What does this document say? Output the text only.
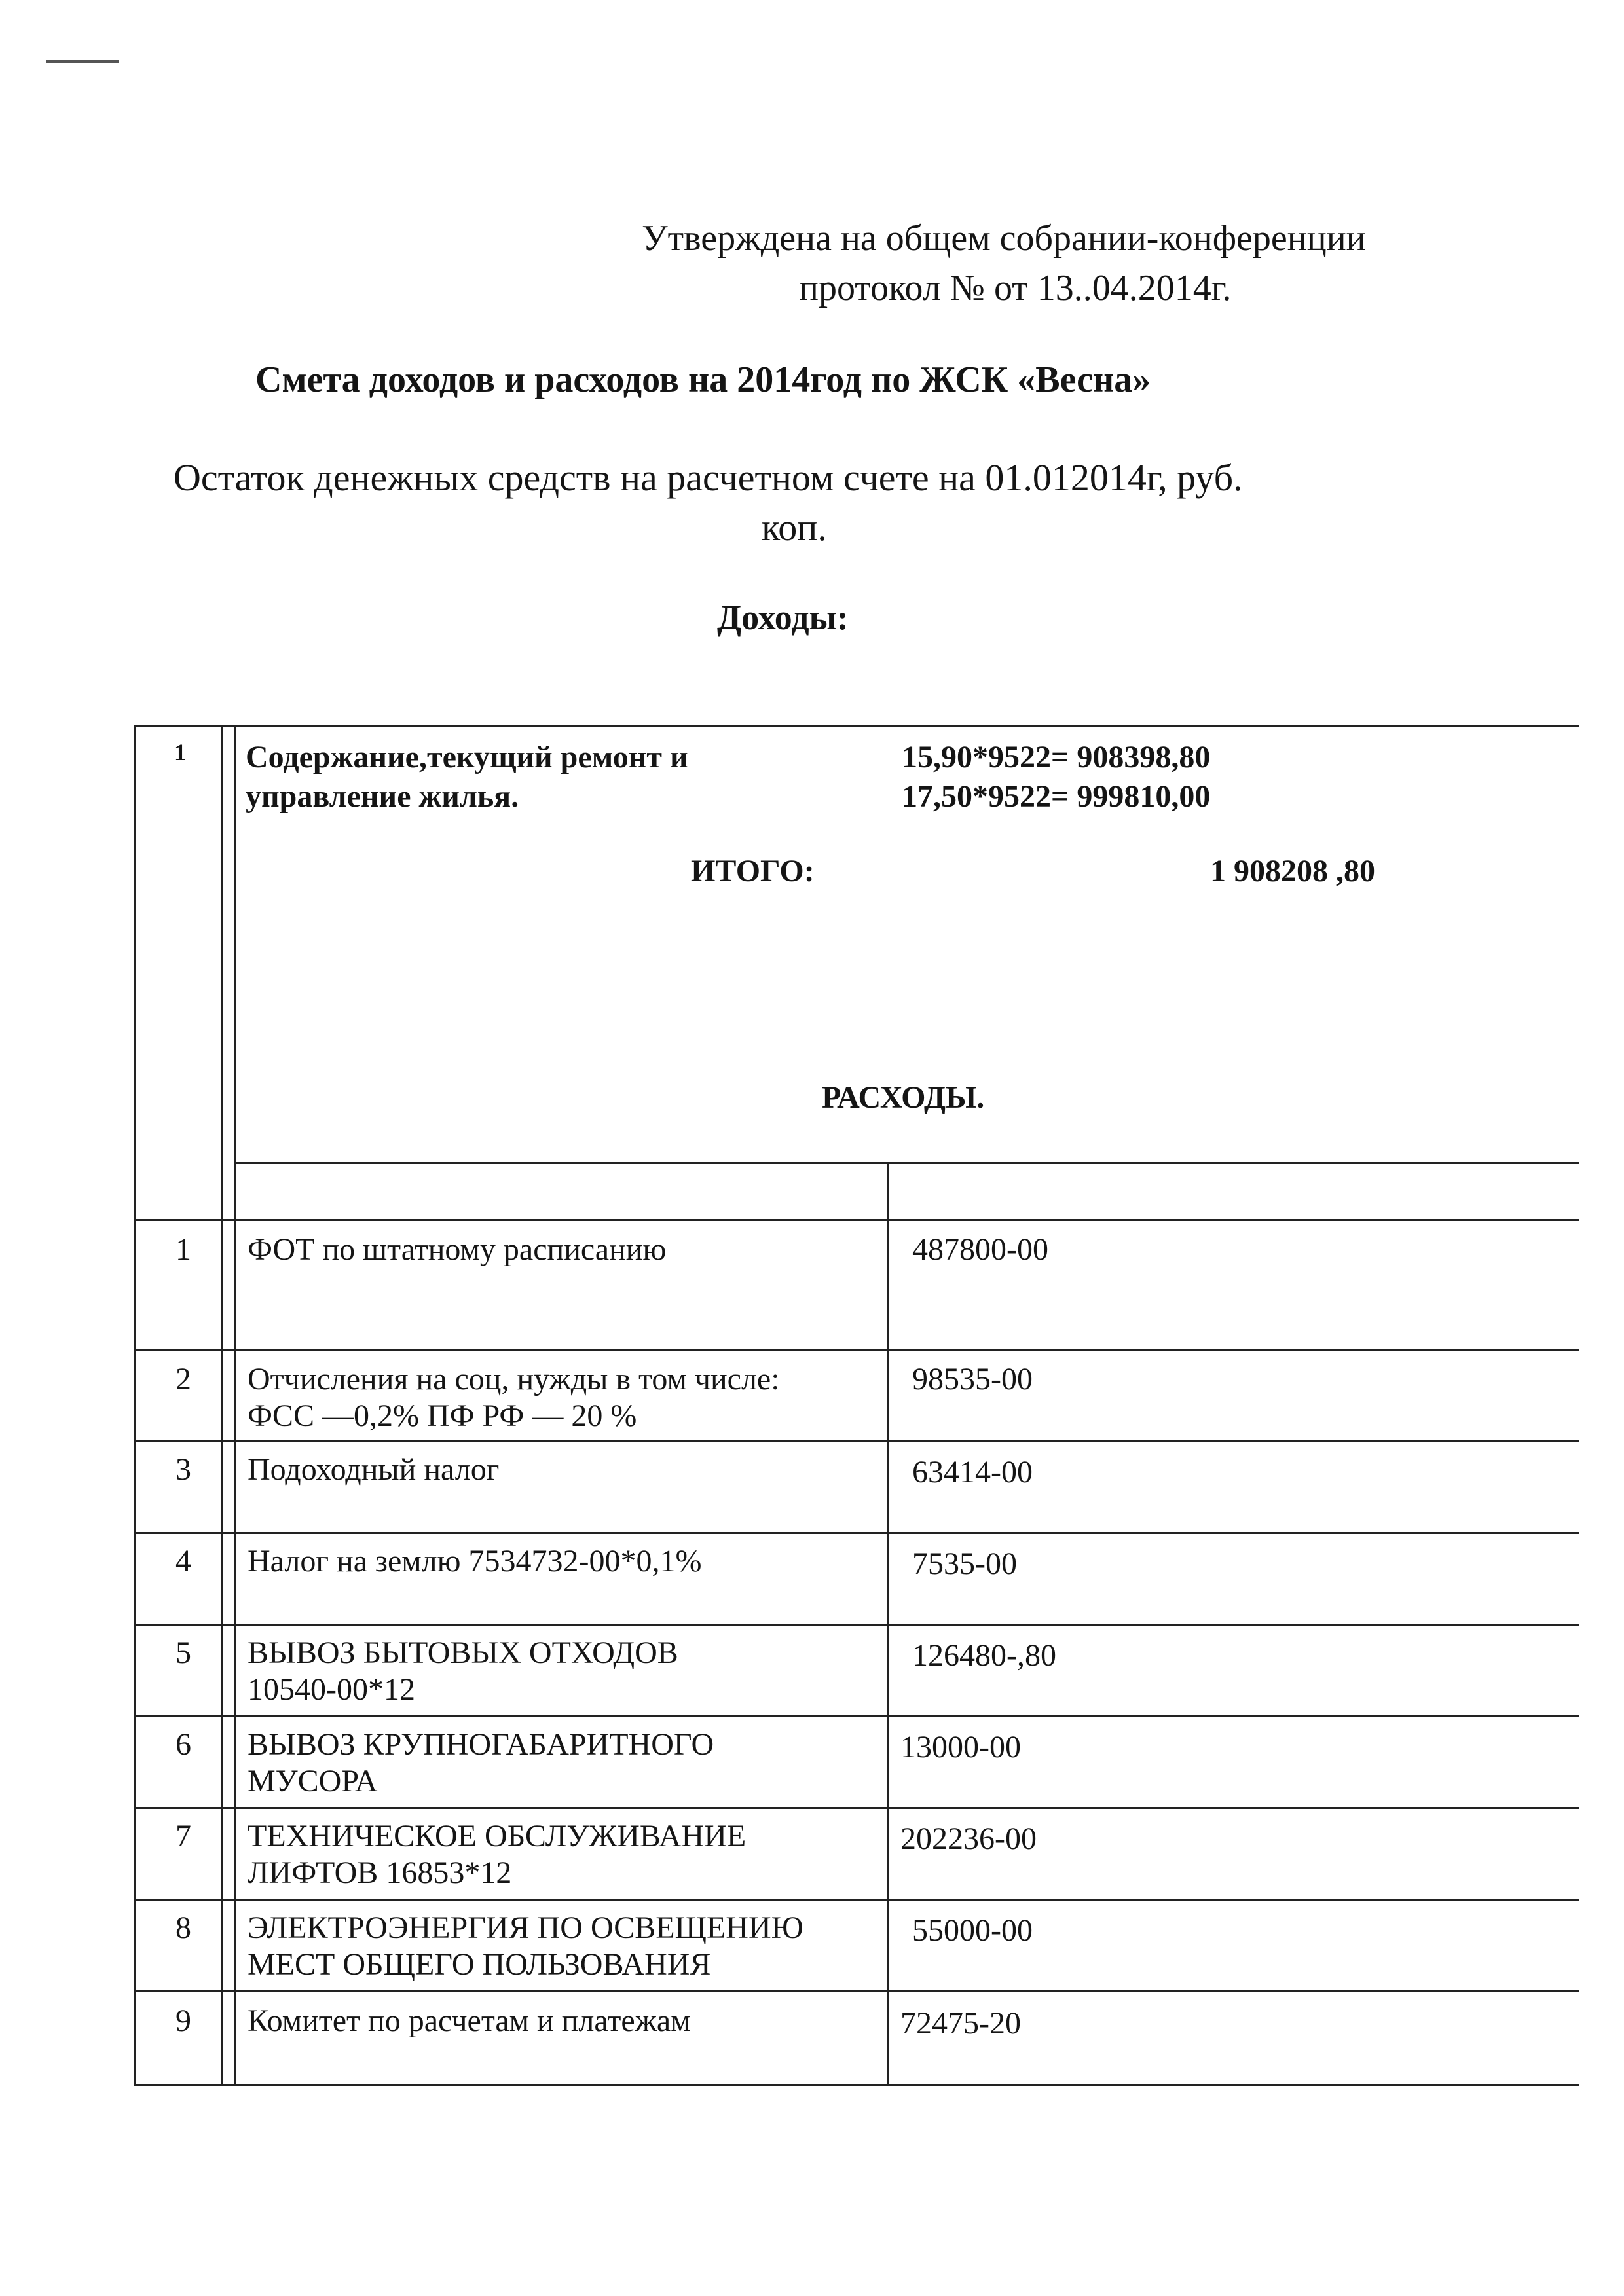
Утверждена на общем собрании-конференции
протокол № от 13..04.2014г.
Смета доходов и расходов на 2014год по ЖСК «Весна»
Остаток денежных средств на расчетном счете на 01.012014г, руб.
коп.
Доходы:
1 Содержание,текущий ремонт и
управление жилья.
15,90*9522= 908398,80
17,50*9522= 999810,00
ИТОГО:	1 908208 ,80
РАСХОДЫ.
1 ФОТ по штатному расписанию	487800-00
2 Отчисления на соц, нужды в том числе:
ФСС —0,2% ПФ РФ — 20 %
98535-00
3 Подоходный налог	63414-00
4 Налог на землю 7534732-00*0,1%	7535-00
5 ВЫВОЗ БЫТОВЫХ ОТХОДОВ
10540-00*12
126480-,80
6 ВЫВОЗ КРУПНОГАБАРИТНОГО
МУСОРА
13000-00
7 ТЕХНИЧЕСКОЕ ОБСЛУЖИВАНИЕ
ЛИФТОВ 16853*12
202236-00
8 ЭЛЕКТРОЭНЕРГИЯ ПО ОСВЕЩЕНИЮ
МЕСТ ОБЩЕГО ПОЛЬЗОВАНИЯ
55000-00
9 Комитет по расчетам и платежам	72475-20
